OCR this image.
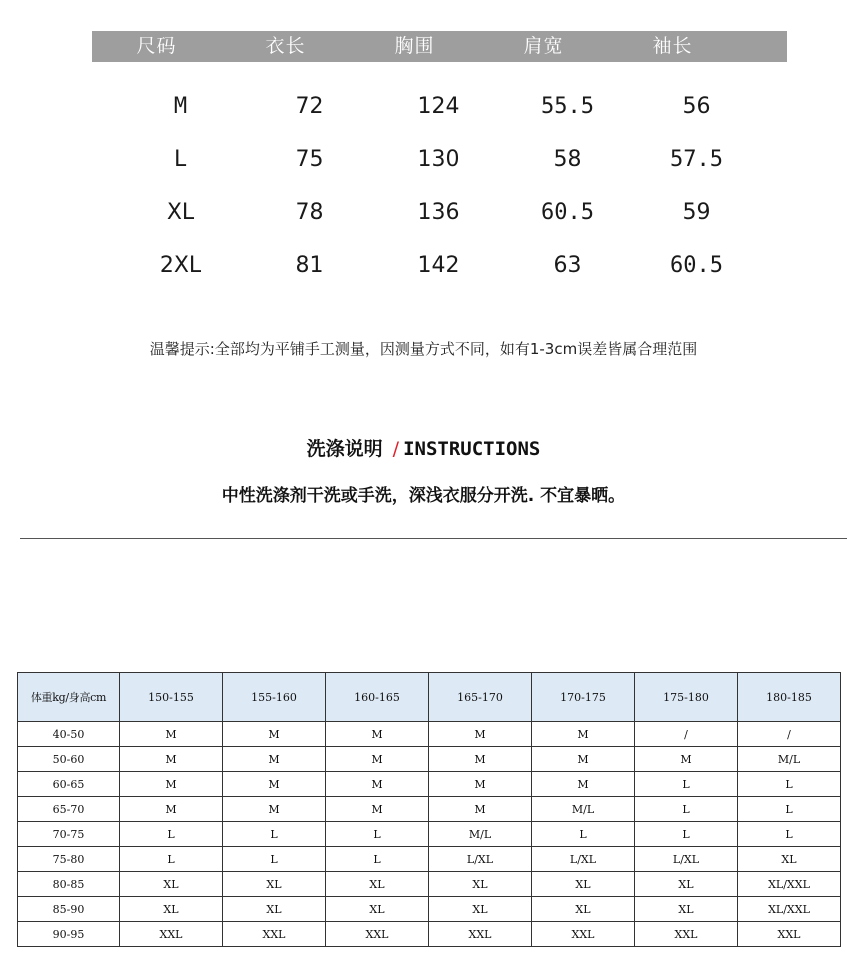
尺码	衣长	胸围	肩宽	袖长
M	72	124	55.5	56
L	75	130	58	57.5
XL	78	136	60.5	59
2XL	81	142	63	60.5
温馨提示:全部均为平铺手工测量，因测量方式不同，如有1-3cm误差皆属合理范围
洗涤说明 / INSTRUCTIONS
中性洗涤剂干洗或手洗，深浅衣服分开洗. 不宜暴晒。
体重kg/身高cm	150-155	155-160	160-165	165-170	170-175	175-180	180-185
40-50	M	M	M	M	M	/	/
50-60	M	M	M	M	M	M	M/L
60-65	M	M	M	M	M	L	L
65-70	M	M	M	M	M/L	L	L
70-75	L	L	L	M/L	L	L	L
75-80	L	L	L	L/XL	L/XL	L/XL	XL
80-85	XL	XL	XL	XL	XL	XL	XL/XXL
85-90	XL	XL	XL	XL	XL	XL	XL/XXL
90-95	XXL	XXL	XXL	XXL	XXL	XXL	XXL
